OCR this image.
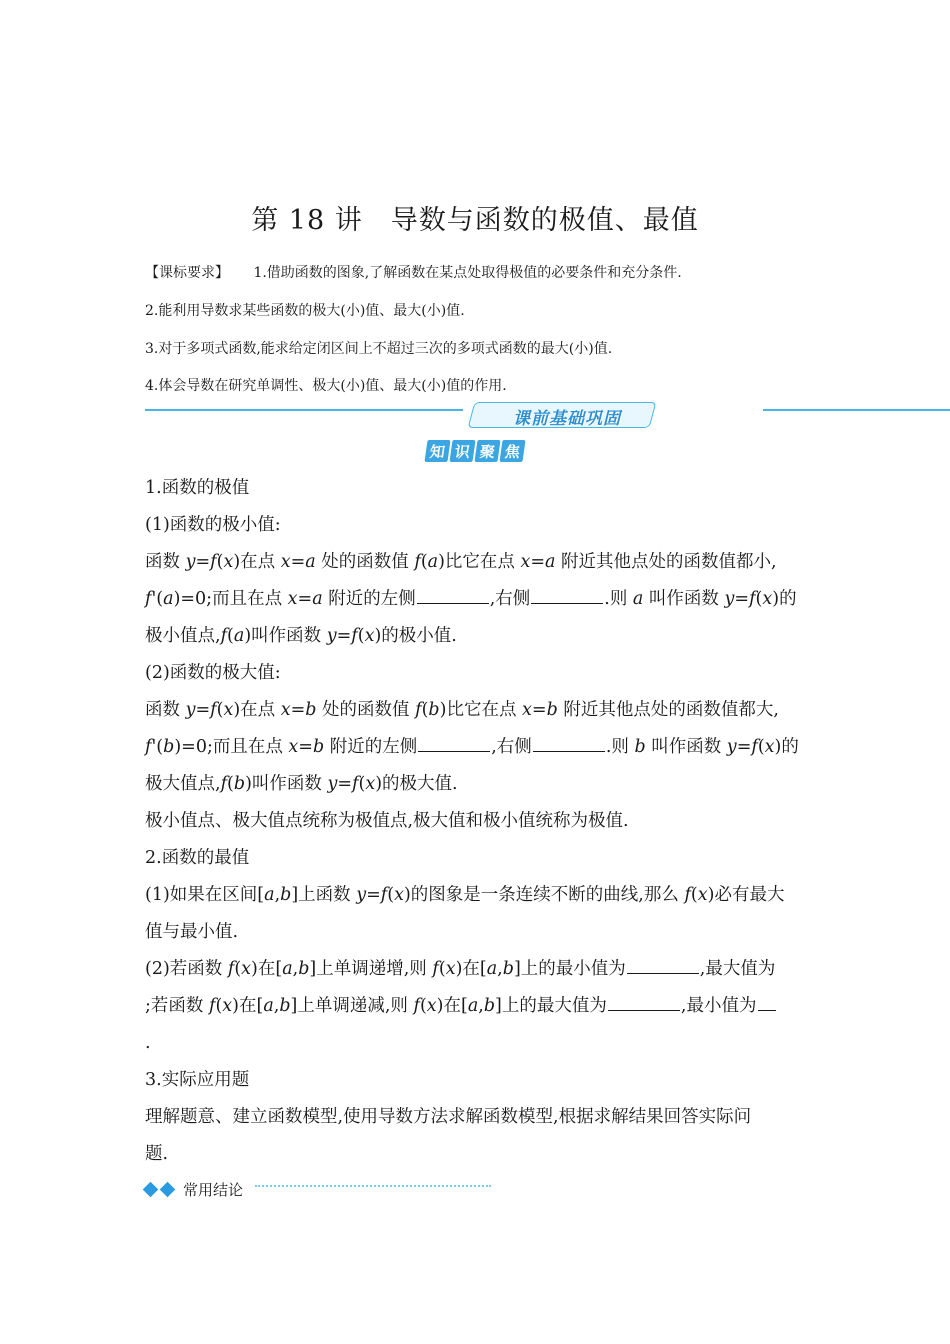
第 18 讲　导数与函数的极值、最值
【课标要求】 1.借助函数的图象,了解函数在某点处取得极值的必要条件和充分条件.
2.能利用导数求某些函数的极大(小)值、最大(小)值.
3.对于多项式函数,能求给定闭区间上不超过三次的多项式函数的最大(小)值.
4.体会导数在研究单调性、极大(小)值、最大(小)值的作用.
课前基础巩固
知 识 聚 焦

1.函数的极值

(1)函数的极小值:

函数 y=f(x)在点 x=a 处的函数值 f(a)比它在点 x=a 附近其他点处的函数值都小,

f'(a)=0;而且在点 x=a 附近的左侧	,右侧	.则 a 叫作函数 y=f(x)的

极小值点,f(a)叫作函数 y=f(x)的极小值.

(2)函数的极大值:

函数 y=f(x)在点 x=b 处的函数值 f(b)比它在点 x=b 附近其他点处的函数值都大,

f'(b)=0;而且在点 x=b 附近的左侧	,右侧	.则 b 叫作函数 y=f(x)的

极大值点,f(b)叫作函数 y=f(x)的极大值.

极小值点、极大值点统称为极值点,极大值和极小值统称为极值.

2.函数的最值

(1)如果在区间[a,b]上函数 y=f(x)的图象是一条连续不断的曲线,那么 f(x)必有最大

值与最小值.

(2)若函数 f(x)在[a,b]上单调递增,则 f(x)在[a,b]上的最小值为	,最大值为

;若函数 f(x)在[a,b]上单调递减,则 f(x)在[a,b]上的最大值为	,最小值为

.

3.实际应用题

理解题意、建立函数模型,使用导数方法求解函数模型,根据求解结果回答实际问

题.

常用结论
